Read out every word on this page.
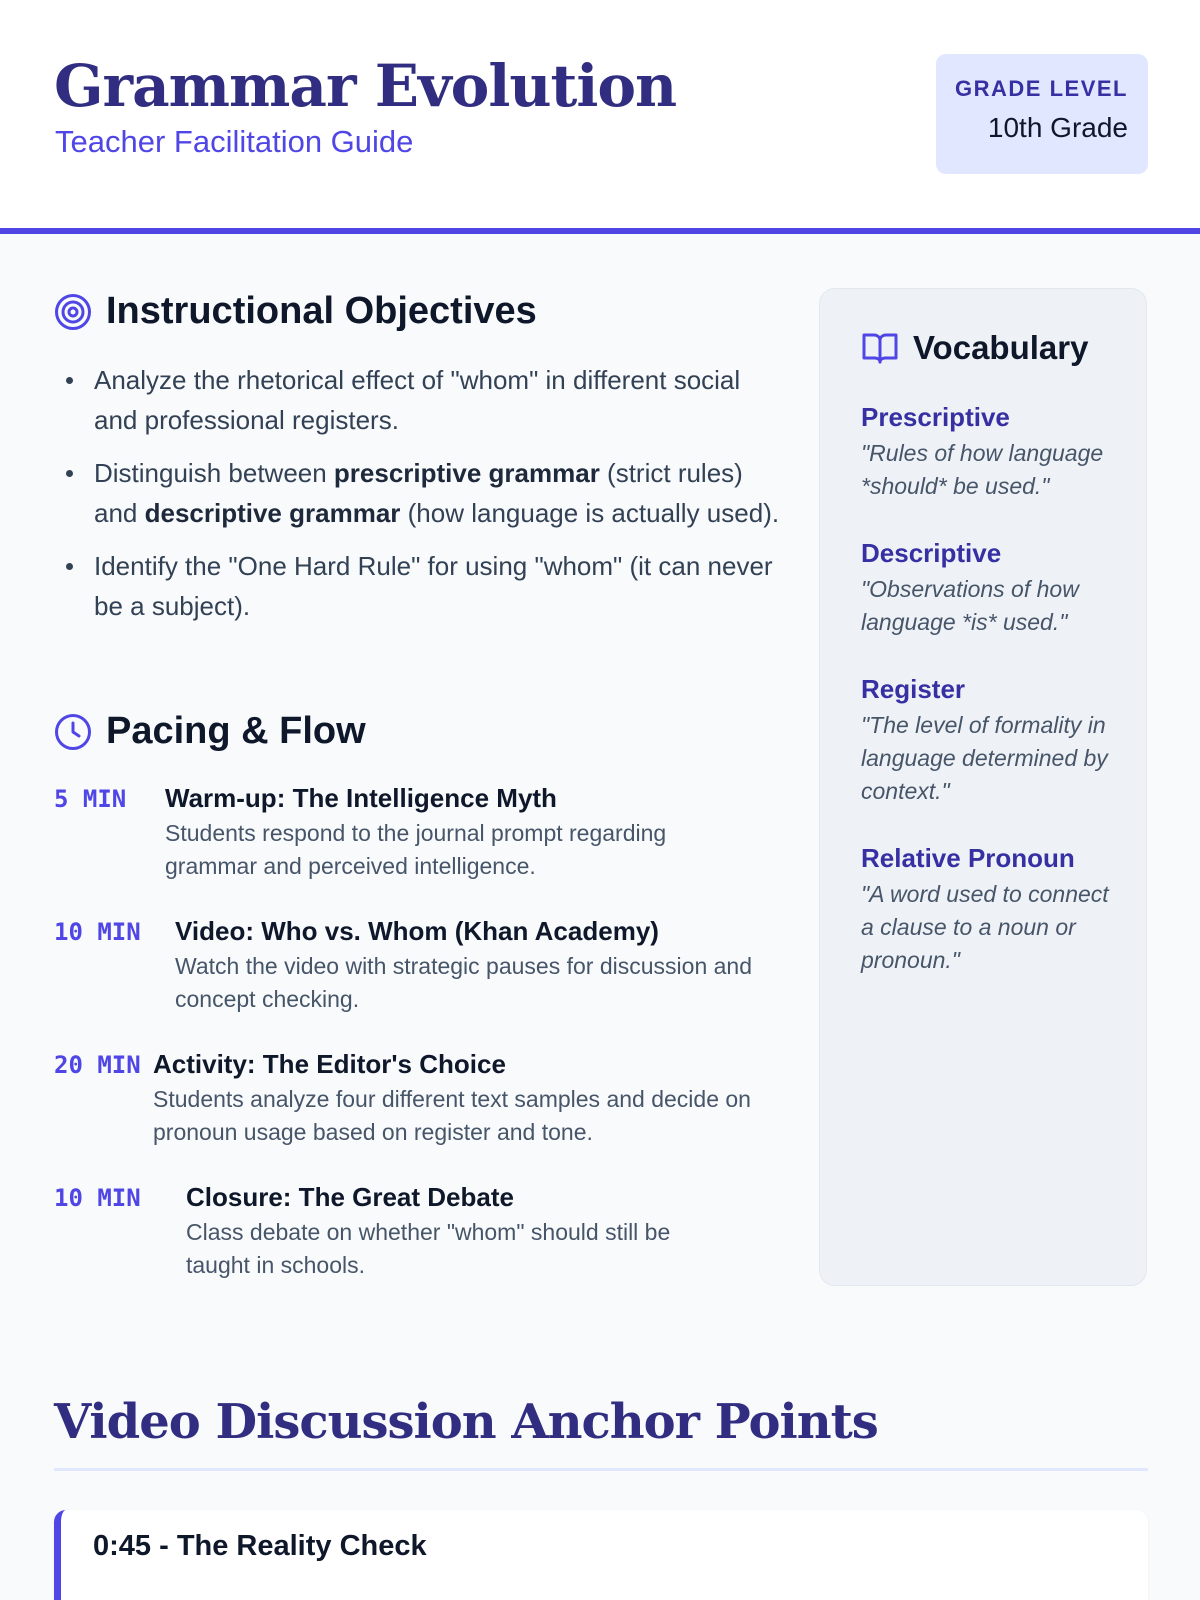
Grammar Evolution
Teacher Facilitation Guide
GRADE LEVEL
10th Grade
Instructional Objectives
Analyze the rhetorical effect of "whom" in different social and professional registers.
Distinguish between prescriptive grammar (strict rules) and descriptive grammar (how language is actually used).
Identify the "One Hard Rule" for using "whom" (it can never be a subject).
Pacing & Flow
5 MIN	Warm-up: The Intelligence Myth
Students respond to the journal prompt regarding grammar and perceived intelligence.
10 MIN	Video: Who vs. Whom (Khan Academy)
Watch the video with strategic pauses for discussion and concept checking.
20 MIN Activity: The Editor's Choice
Students analyze four different text samples and decide on pronoun usage based on register and tone.
10 MIN	Closure: The Great Debate
Class debate on whether "whom" should still be taught in schools.
Vocabulary
Prescriptive
"Rules of how language *should* be used."
Descriptive
"Observations of how language *is* used."
Register
"The level of formality in language determined by context."
Relative Pronoun
"A word used to connect a clause to a noun or pronoun."
Video Discussion Anchor Points
0:45 - The Reality Check
